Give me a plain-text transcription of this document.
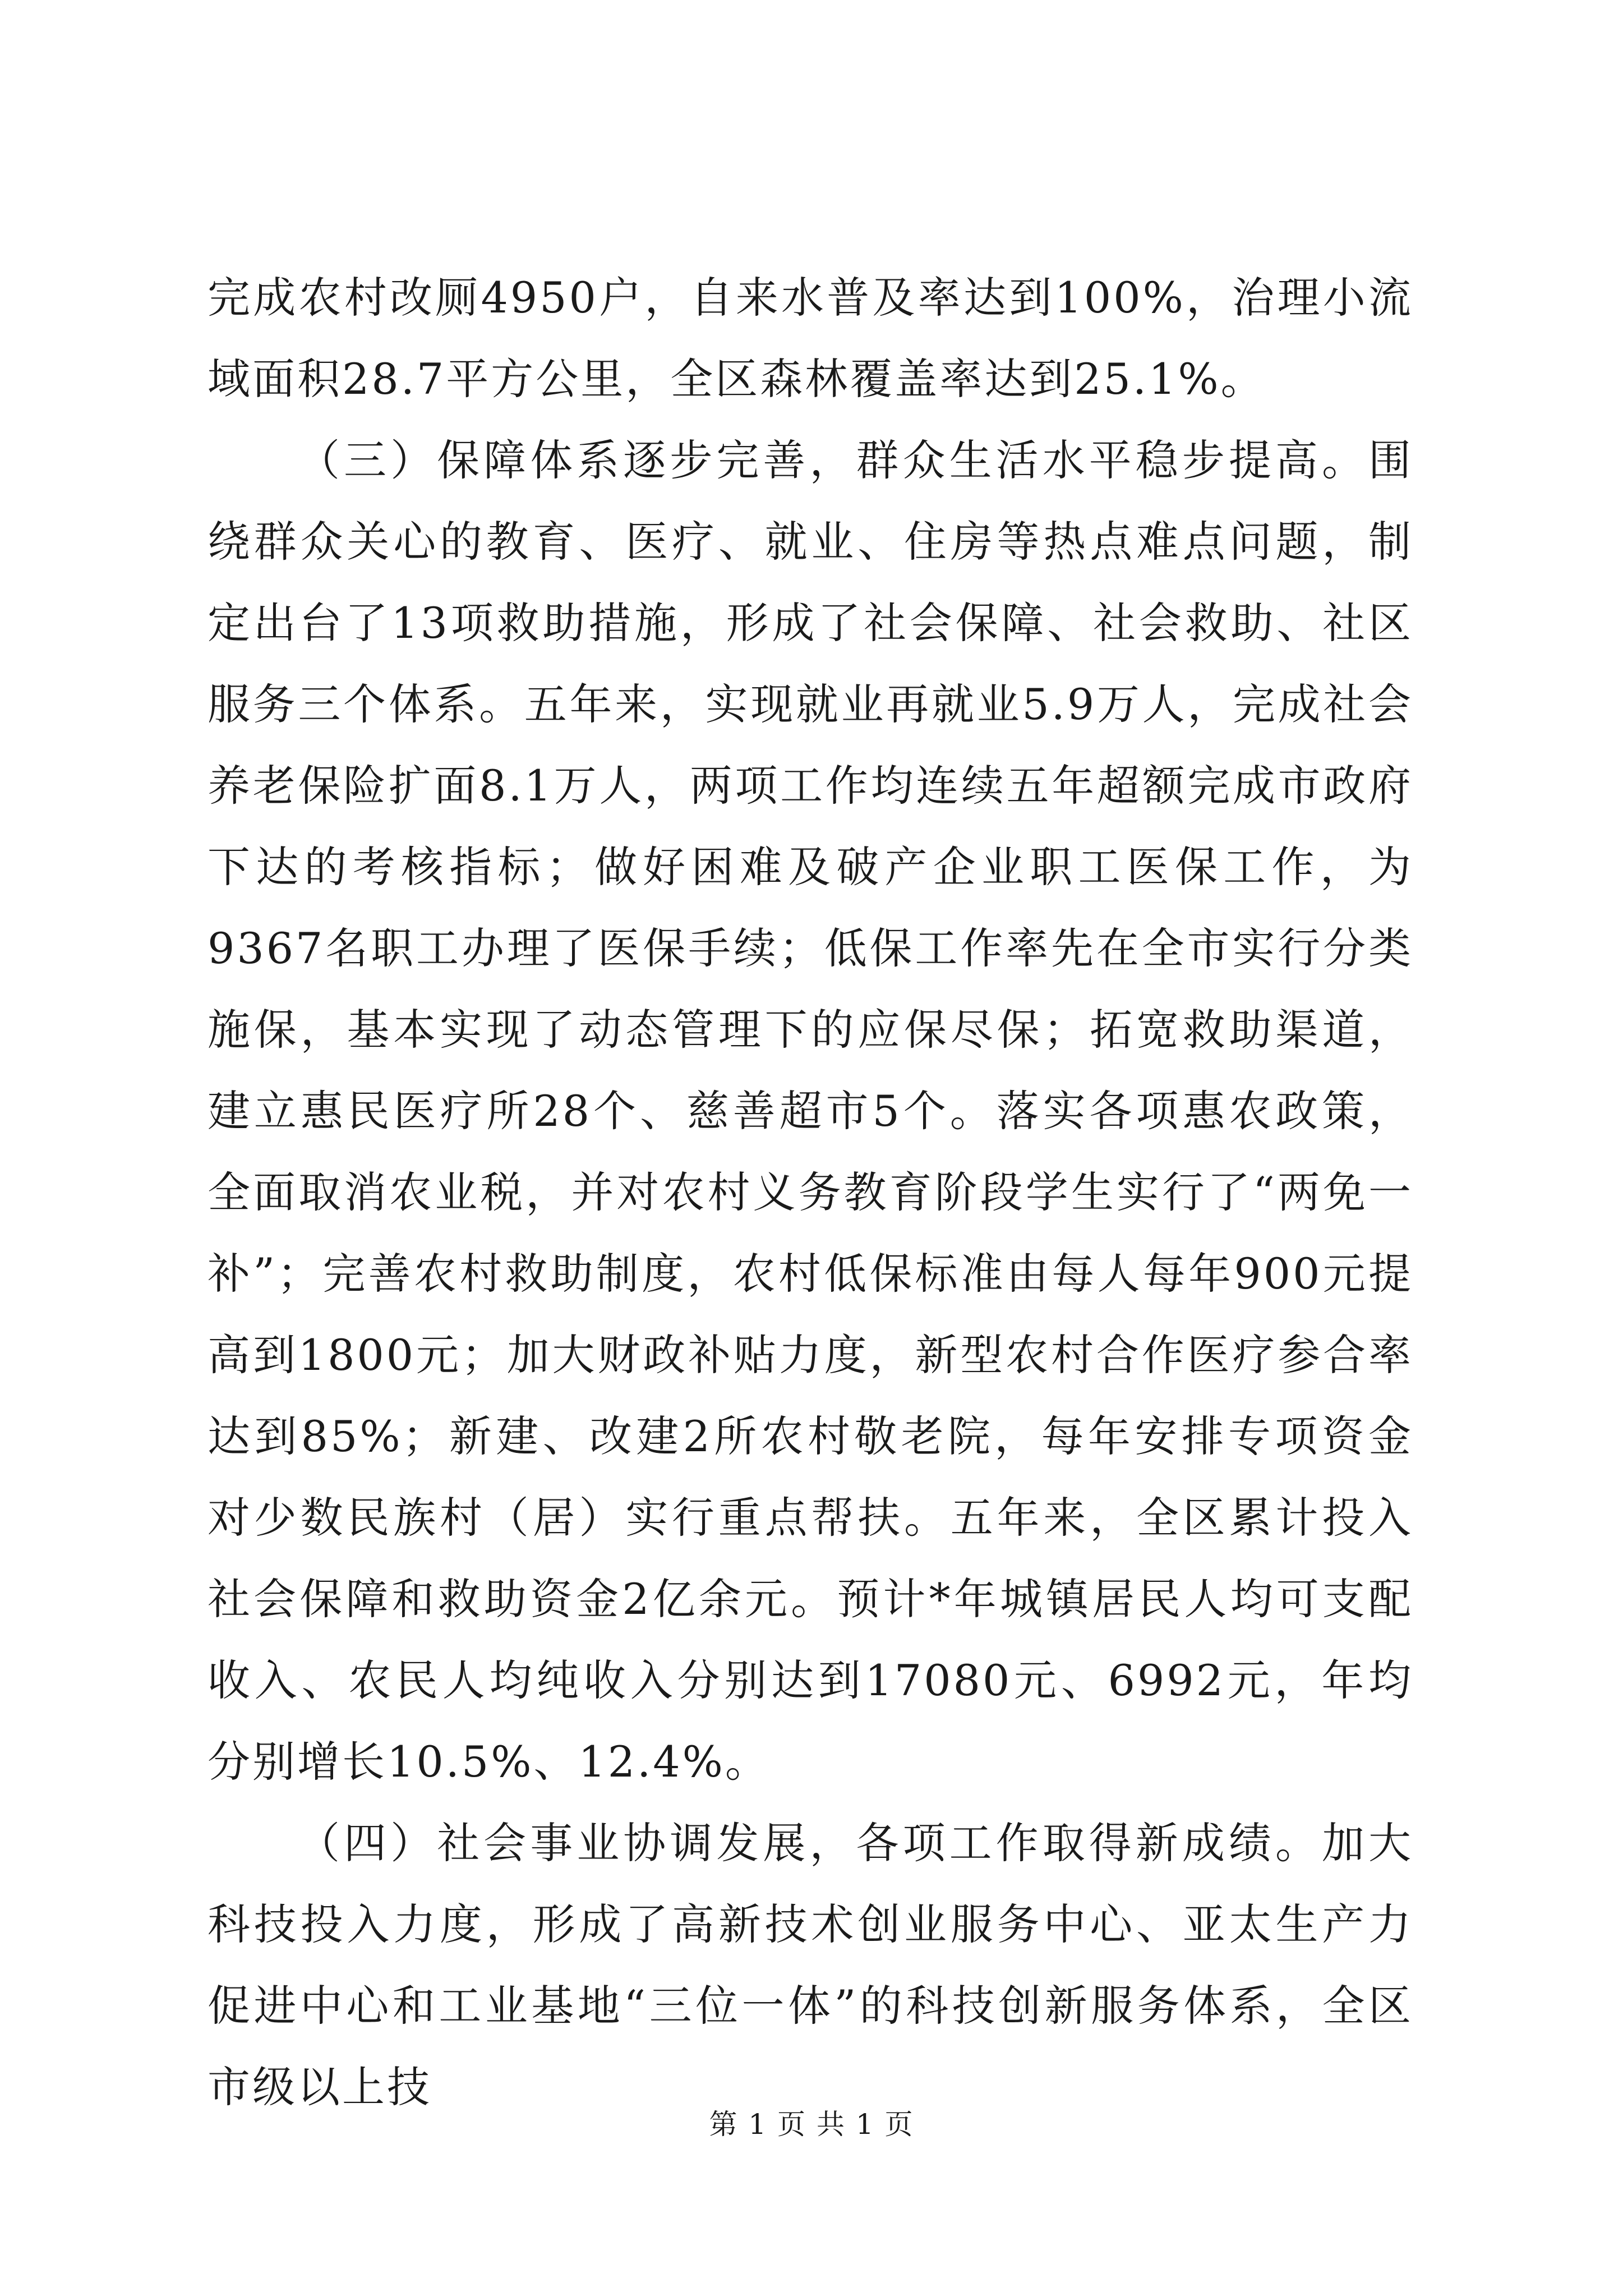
完成农村改厕4950户，自来水普及率达到100%，治理小流域面积28.7平方公里，全区森林覆盖率达到25.1%。

（三）保障体系逐步完善，群众生活水平稳步提高。围绕群众关心的教育、医疗、就业、住房等热点难点问题，制定出台了13项救助措施，形成了社会保障、社会救助、社区服务三个体系。五年来，实现就业再就业5.9万人，完成社会养老保险扩面8.1万人，两项工作均连续五年超额完成市政府下达的考核指标；做好困难及破产企业职工医保工作，为9367名职工办理了医保手续；低保工作率先在全市实行分类施保，基本实现了动态管理下的应保尽保；拓宽救助渠道，建立惠民医疗所28个、慈善超市5个。落实各项惠农政策，全面取消农业税，并对农村义务教育阶段学生实行了“两免一补”；完善农村救助制度，农村低保标准由每人每年900元提高到1800元；加大财政补贴力度，新型农村合作医疗参合率达到85%；新建、改建2所农村敬老院，每年安排专项资金对少数民族村（居）实行重点帮扶。五年来，全区累计投入社会保障和救助资金2亿余元。预计*年城镇居民人均可支配收入、农民人均纯收入分别达到17080元、6992元，年均分别增长10.5%、12.4%。

（四）社会事业协调发展，各项工作取得新成绩。加大科技投入力度，形成了高新技术创业服务中心、亚太生产力促进中心和工业基地“三位一体”的科技创新服务体系，全区市级以上技

第 1 页 共 1 页
